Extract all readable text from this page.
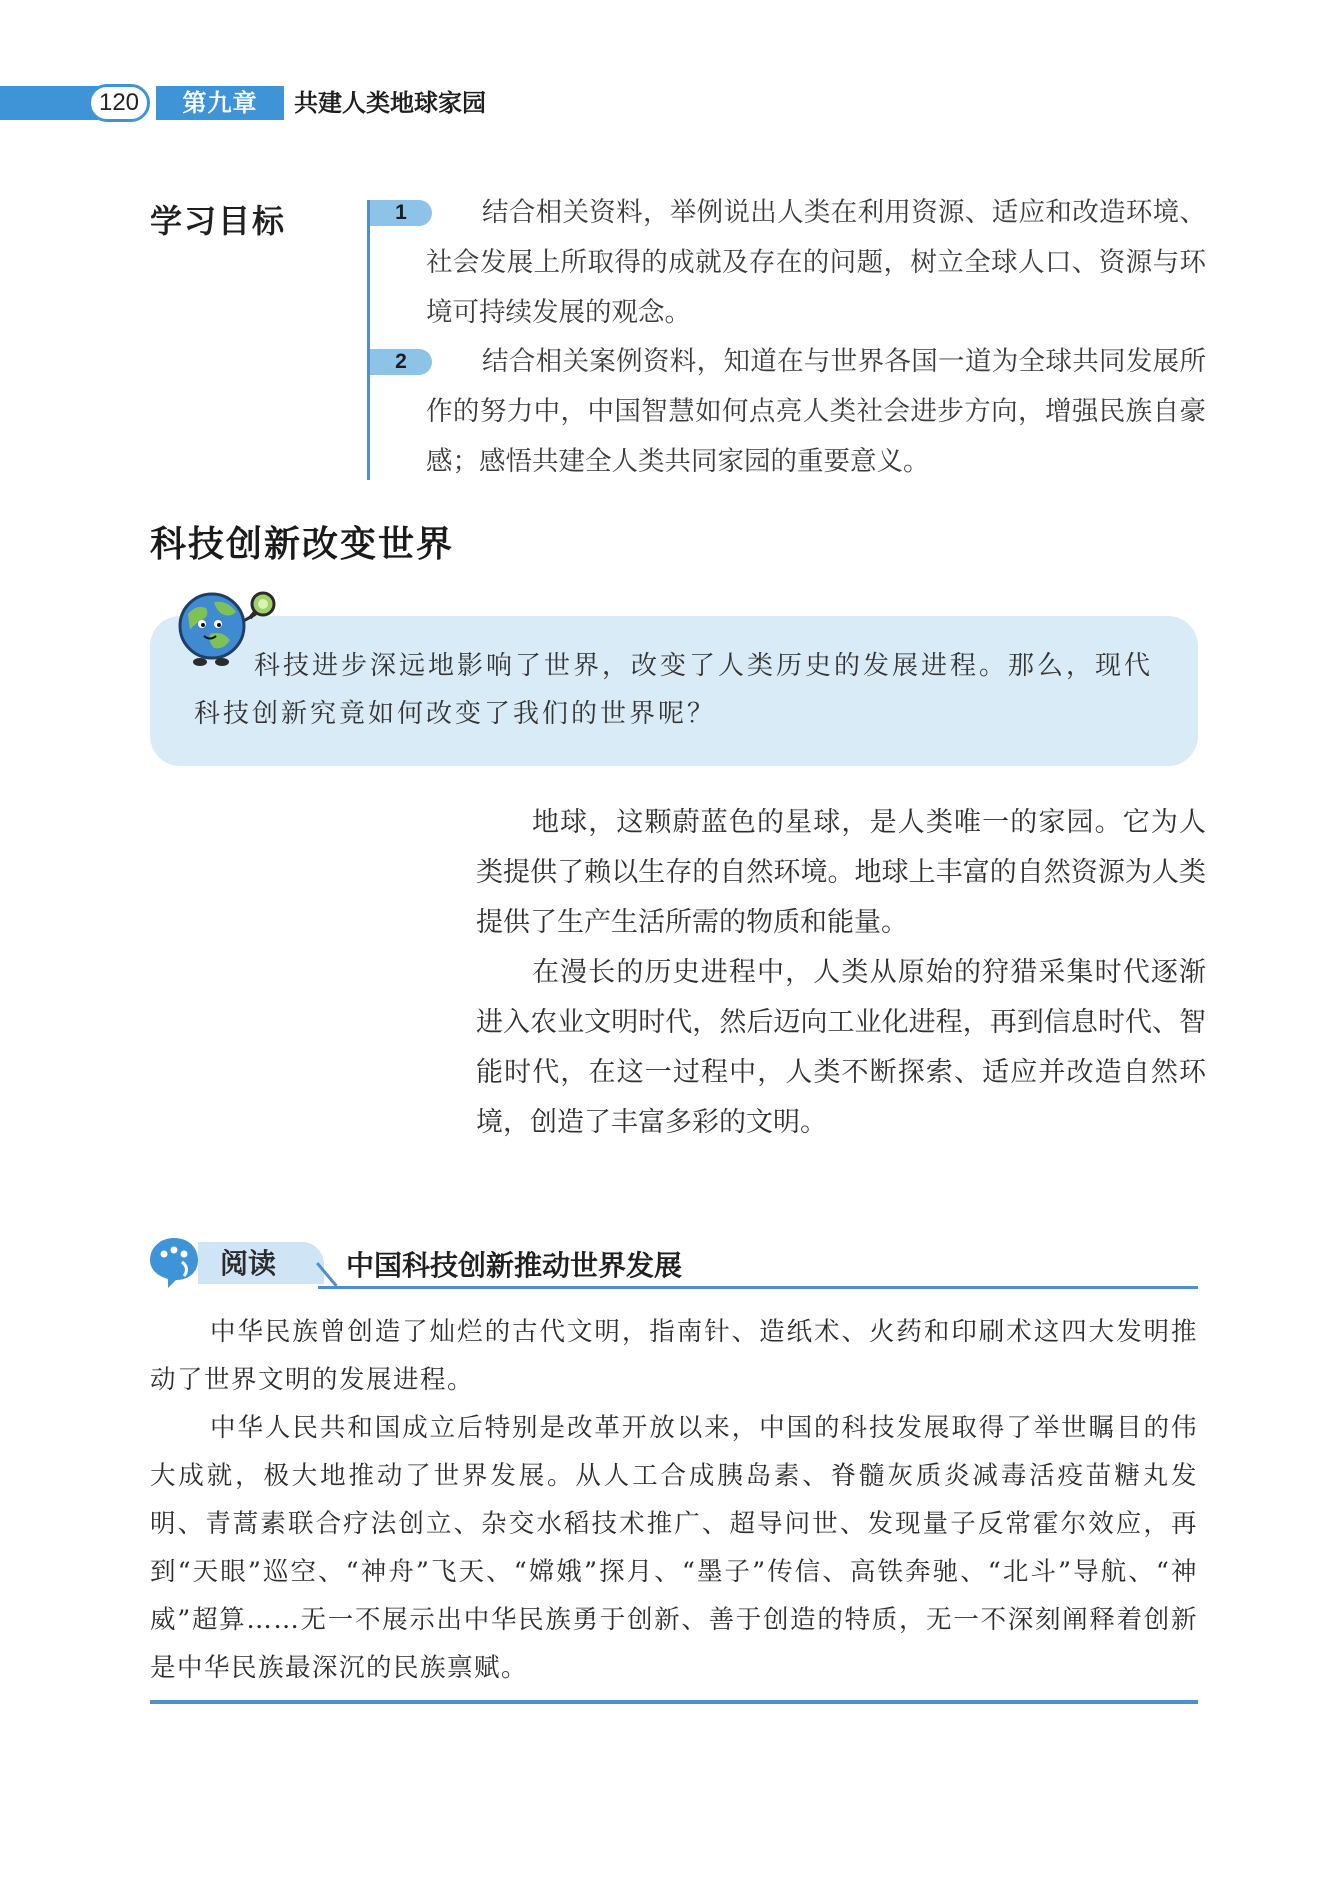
120	第九章	共建人类地球家园
学习目标	1	结合相关资料，举例说出人类在利用资源、适应和改造环境、社会发展上所取得的成就及存在的问题，树立全球人口、资源与环境可持续发展的观念。

2	结合相关案例资料，知道在与世界各国一道为全球共同发展所作的努力中，中国智慧如何点亮人类社会进步方向，增强民族自豪感；感悟共建全人类共同家园的重要意义。

科技创新改变世界

科技进步深远地影响了世界，改变了人类历史的发展进程。那么，现代科技创新究竟如何改变了我们的世界呢？

地球，这颗蔚蓝色的星球，是人类唯一的家园。它为人类提供了赖以生存的自然环境。地球上丰富的自然资源为人类提供了生产生活所需的物质和能量。

在漫长的历史进程中，人类从原始的狩猎采集时代逐渐进入农业文明时代，然后迈向工业化进程，再到信息时代、智能时代，在这一过程中，人类不断探索、适应并改造自然环境，创造了丰富多彩的文明。

阅读 中国科技创新推动世界发展

中华民族曾创造了灿烂的古代文明，指南针、造纸术、火药和印刷术这四大发明推动了世界文明的发展进程。

中华人民共和国成立后特别是改革开放以来，中国的科技发展取得了举世瞩目的伟大成就，极大地推动了世界发展。从人工合成胰岛素、脊髓灰质炎减毒活疫苗糖丸发明、青蒿素联合疗法创立、杂交水稻技术推广、超导问世、发现量子反常霍尔效应，再到“天眼”巡空、“神舟”飞天、“嫦娥”探月、“墨子”传信、高铁奔驰、“北斗”导航、“神威”超算……无一不展示出中华民族勇于创新、善于创造的特质，无一不深刻阐释着创新是中华民族最深沉的民族禀赋。
